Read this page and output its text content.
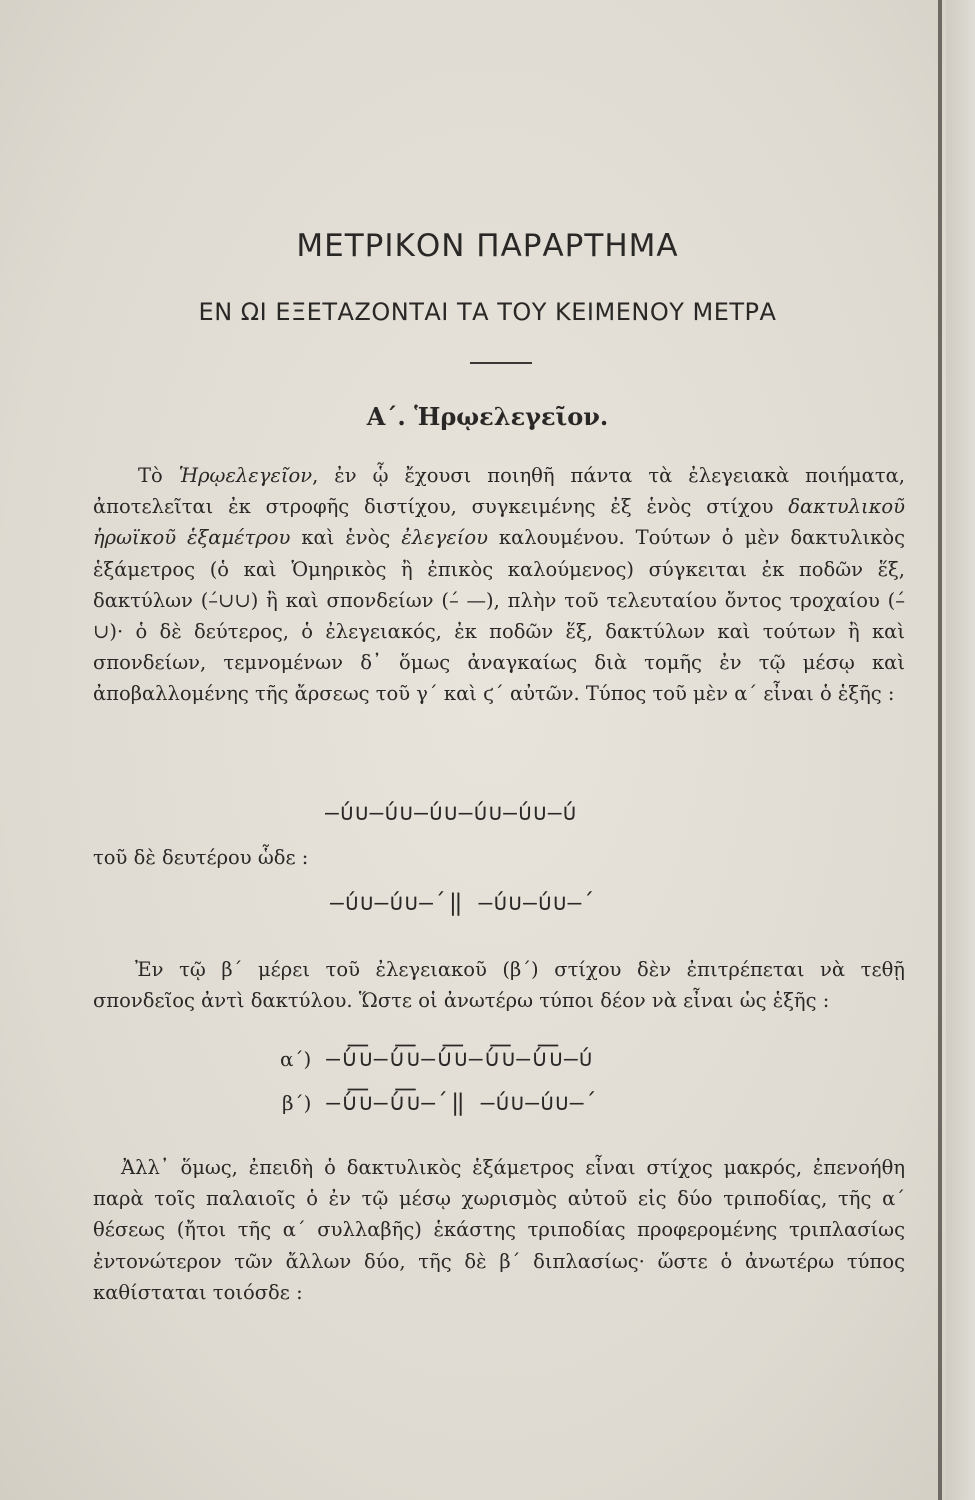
ΜΕΤΡΙΚΟΝ ΠΑΡΑΡΤΗΜΑ
ΕΝ ΩΙ ΕΞΕΤΑΖΟΝΤΑΙ ΤΑ ΤΟΥ ΚΕΙΜΕΝΟΥ ΜΕΤΡΑ
Α΄. Ἡρῳελεγεῖον.
Τὸ Ἡρῳελεγεῖον, ἐν ᾧ ἔχουσι ποιηθῆ πάντα τὰ ἐλεγειακὰ ποιήματα, ἀποτελεῖται ἐκ στροφῆς διστίχου, συγκειμένης ἐξ ἑνὸς στίχου δακτυλικοῦ ἡρωϊκοῦ ἑξαμέτρου καὶ ἑνὸς ἐλεγείου καλουμένου. Τούτων ὁ μὲν δακτυλικὸς ἑξάμετρος (ὁ καὶ Ὁμηρικὸς ἢ ἐπικὸς καλούμενος) σύγκειται ἐκ ποδῶν ἕξ, δακτύλων (–́∪∪) ἢ καὶ σπονδείων (–́ —), πλὴν τοῦ τελευταίου ὄντος τροχαίου (–́∪)· ὁ δὲ δεύτερος, ὁ ἐλεγειακός, ἐκ ποδῶν ἕξ, δακτύλων καὶ τούτων ἢ καὶ σπονδείων, τεμνομένων δ᾽ ὅμως ἀναγκαίως διὰ τομῆς ἐν τῷ μέσῳ καὶ ἀποβαλλομένης τῆς ἄρσεως τοῦ γ΄ καὶ ϛ΄ αὐτῶν. Τύπος τοῦ μὲν α΄ εἶναι ὁ ἑξῆς :
–́∪∪–́∪∪–́∪∪–́∪∪–́∪∪–́∪
τοῦ δὲ δευτέρου ὧδε :
–́∪∪–́∪∪–́ ‖ –́∪∪–́∪∪–́
Ἐν τῷ β΄ μέρει τοῦ ἐλεγειακοῦ (β΄) στίχου δὲν ἐπιτρέπεται νὰ τεθῇ σπονδεῖος ἀντὶ δακτύλου. Ὥστε οἱ ἀνωτέρω τύποι δέον νὰ εἶναι ὡς ἑξῆς :
α΄) –́∪͞∪–́∪͞∪–́∪͞∪–́∪͞∪–́∪͞∪–́∪
β΄) –́∪͞∪–́∪͞∪–́ ‖ –́∪∪–́∪∪–́
Ἀλλ᾽ ὅμως, ἐπειδὴ ὁ δακτυλικὸς ἑξάμετρος εἶναι στίχος μακρός, ἐπενοήθη παρὰ τοῖς παλαιοῖς ὁ ἐν τῷ μέσῳ χωρισμὸς αὐτοῦ εἰς δύο τριποδίας, τῆς α΄ θέσεως (ἤτοι τῆς α΄ συλλαβῆς) ἑκάστης τριποδίας προφερομένης τριπλασίως ἐντονώτερον τῶν ἄλλων δύο, τῆς δὲ β΄ διπλασίως· ὥστε ὁ ἀνωτέρω τύπος καθίσταται τοιόσδε :
